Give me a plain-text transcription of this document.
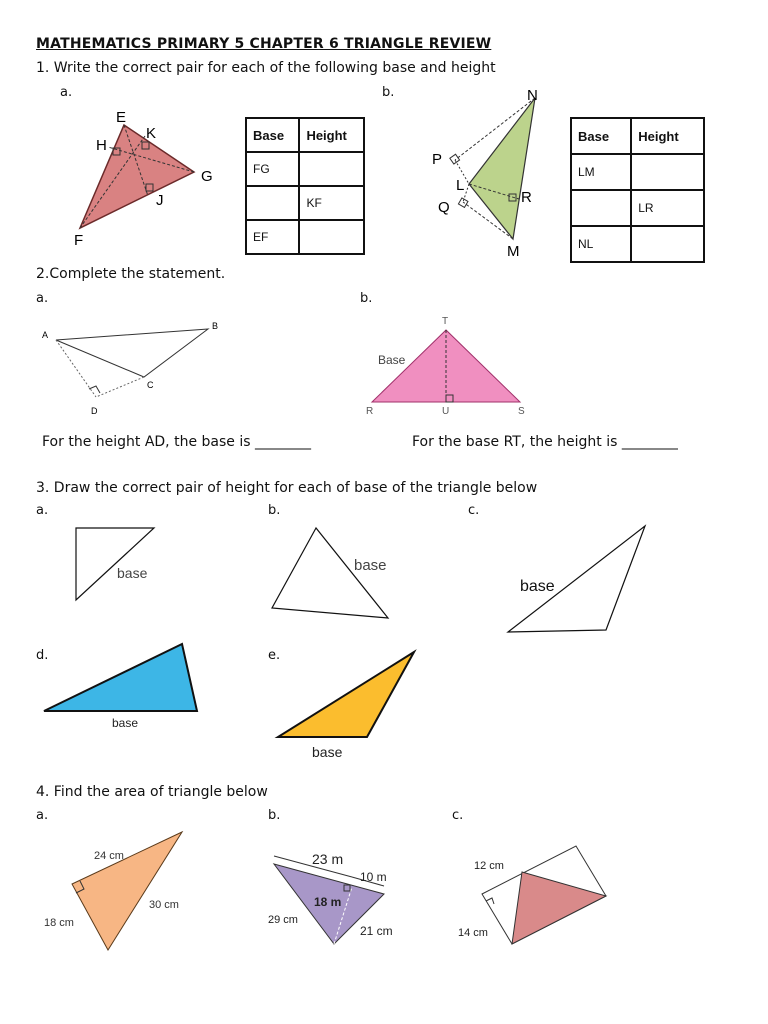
MATHEMATICS PRIMARY 5 CHAPTER 6 TRIANGLE REVIEW
1. Write the correct pair for each of the following base and height
a.	b.
E
H
K
G
J
F
Base	Height
FG	
	KF
EF	
N
P
L
Q
R
M
Base	Height
LM	
	LR
NL	
2.Complete the statement.
a.	b.
A
B
C
D
T
Base
R	U	S
For the height AD, the base is ________	For the base RT, the height is ________
3. Draw the correct pair of height for each of base of the triangle below
a.	b.	c.
base	base
base
d.	e.
base
base
4. Find the area of triangle below
a.	b.	c.
24 cm
30 cm
18 cm
23 m
10 m
18 m
29 cm
21 cm
12 cm
14 cm
